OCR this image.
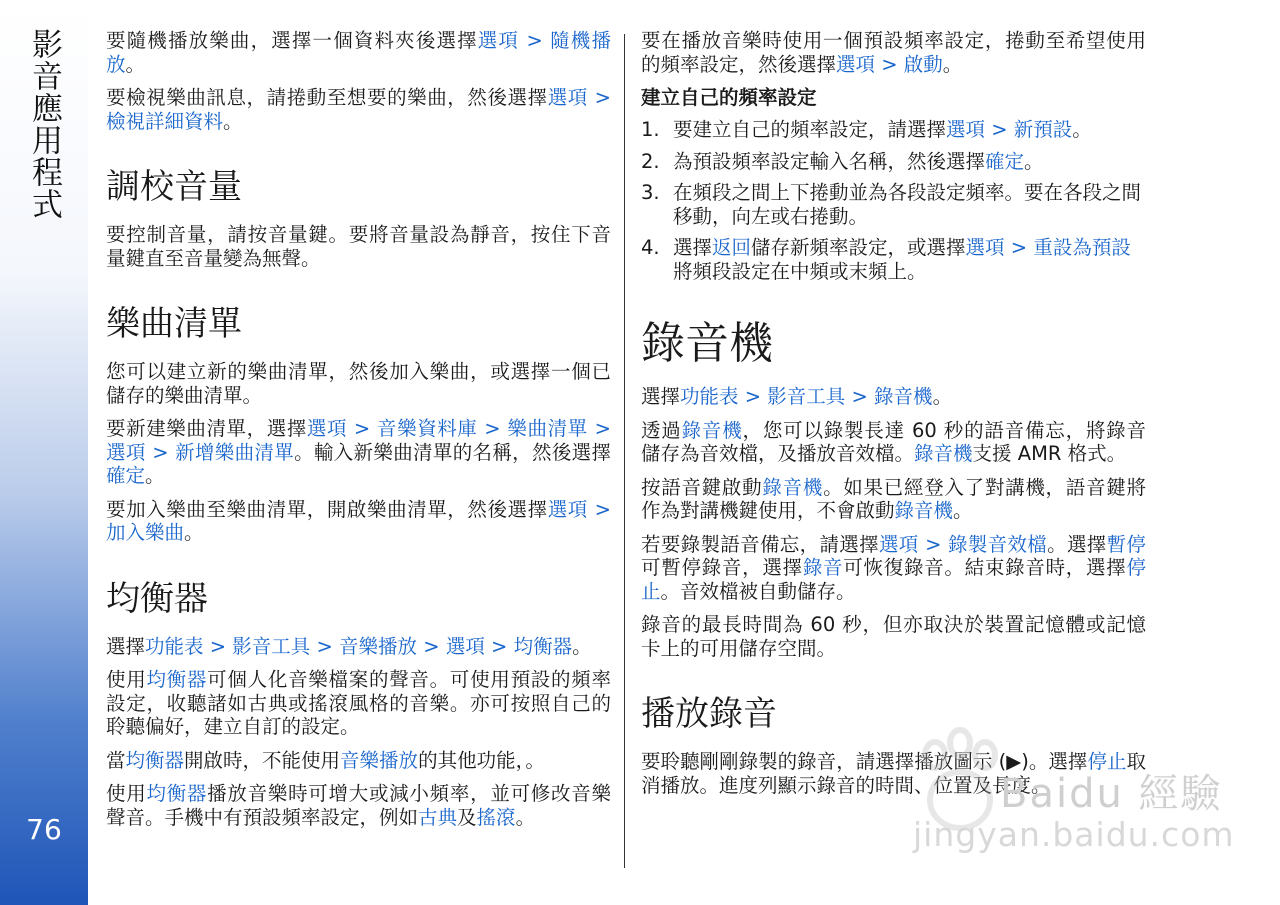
影音應用程式
76

要隨機播放樂曲，選擇一個資料夾後選擇選項 > 隨機播放。

要檢視樂曲訊息，請捲動至想要的樂曲，然後選擇選項 > 檢視詳細資料。

調校音量

要控制音量，請按音量鍵。要將音量設為靜音，按住下音量鍵直至音量變為無聲。

樂曲清單

您可以建立新的樂曲清單，然後加入樂曲，或選擇一個已儲存的樂曲清單。

要新建樂曲清單，選擇選項 > 音樂資料庫 > 樂曲清單 > 選項 > 新增樂曲清單。輸入新樂曲清單的名稱，然後選擇確定。

要加入樂曲至樂曲清單，開啟樂曲清單，然後選擇選項 > 加入樂曲。

均衡器

選擇功能表 > 影音工具 > 音樂播放 > 選項 > 均衡器。

使用均衡器可個人化音樂檔案的聲音。可使用預設的頻率設定，收聽諸如古典或搖滾風格的音樂。亦可按照自己的聆聽偏好，建立自訂的設定。

當均衡器開啟時，不能使用音樂播放的其他功能，。

使用均衡器播放音樂時可增大或減小頻率，並可修改音樂聲音。手機中有預設頻率設定，例如古典及搖滾。

要在播放音樂時使用一個預設頻率設定，捲動至希望使用的頻率設定，然後選擇選項 > 啟動。

建立自己的頻率設定
1. 要建立自己的頻率設定，請選擇選項 > 新預設。
2. 為預設頻率設定輸入名稱，然後選擇確定。
3. 在頻段之間上下捲動並為各段設定頻率。要在各段之間移動，向左或右捲動。
4. 選擇返回儲存新頻率設定，或選擇選項 > 重設為預設將頻段設定在中頻或末頻上。
錄音機

選擇功能表 > 影音工具 > 錄音機。

透過錄音機，您可以錄製長達 60 秒的語音備忘，將錄音儲存為音效檔，及播放音效檔。錄音機支援 AMR 格式。

按語音鍵啟動錄音機。如果已經登入了對講機，語音鍵將作為對講機鍵使用，不會啟動錄音機。

若要錄製語音備忘，請選擇選項 > 錄製音效檔。選擇暫停可暫停錄音，選擇錄音可恢復錄音。結束錄音時，選擇停止。音效檔被自動儲存。

錄音的最長時間為 60 秒，但亦取決於裝置記憶體或記憶卡上的可用儲存空間。

播放錄音

要聆聽剛剛錄製的錄音，請選擇播放圖示 (▶)。選擇停止取消播放。進度列顯示錄音的時間、位置及長度。

Baidu 經驗
jingyan.baidu.com
